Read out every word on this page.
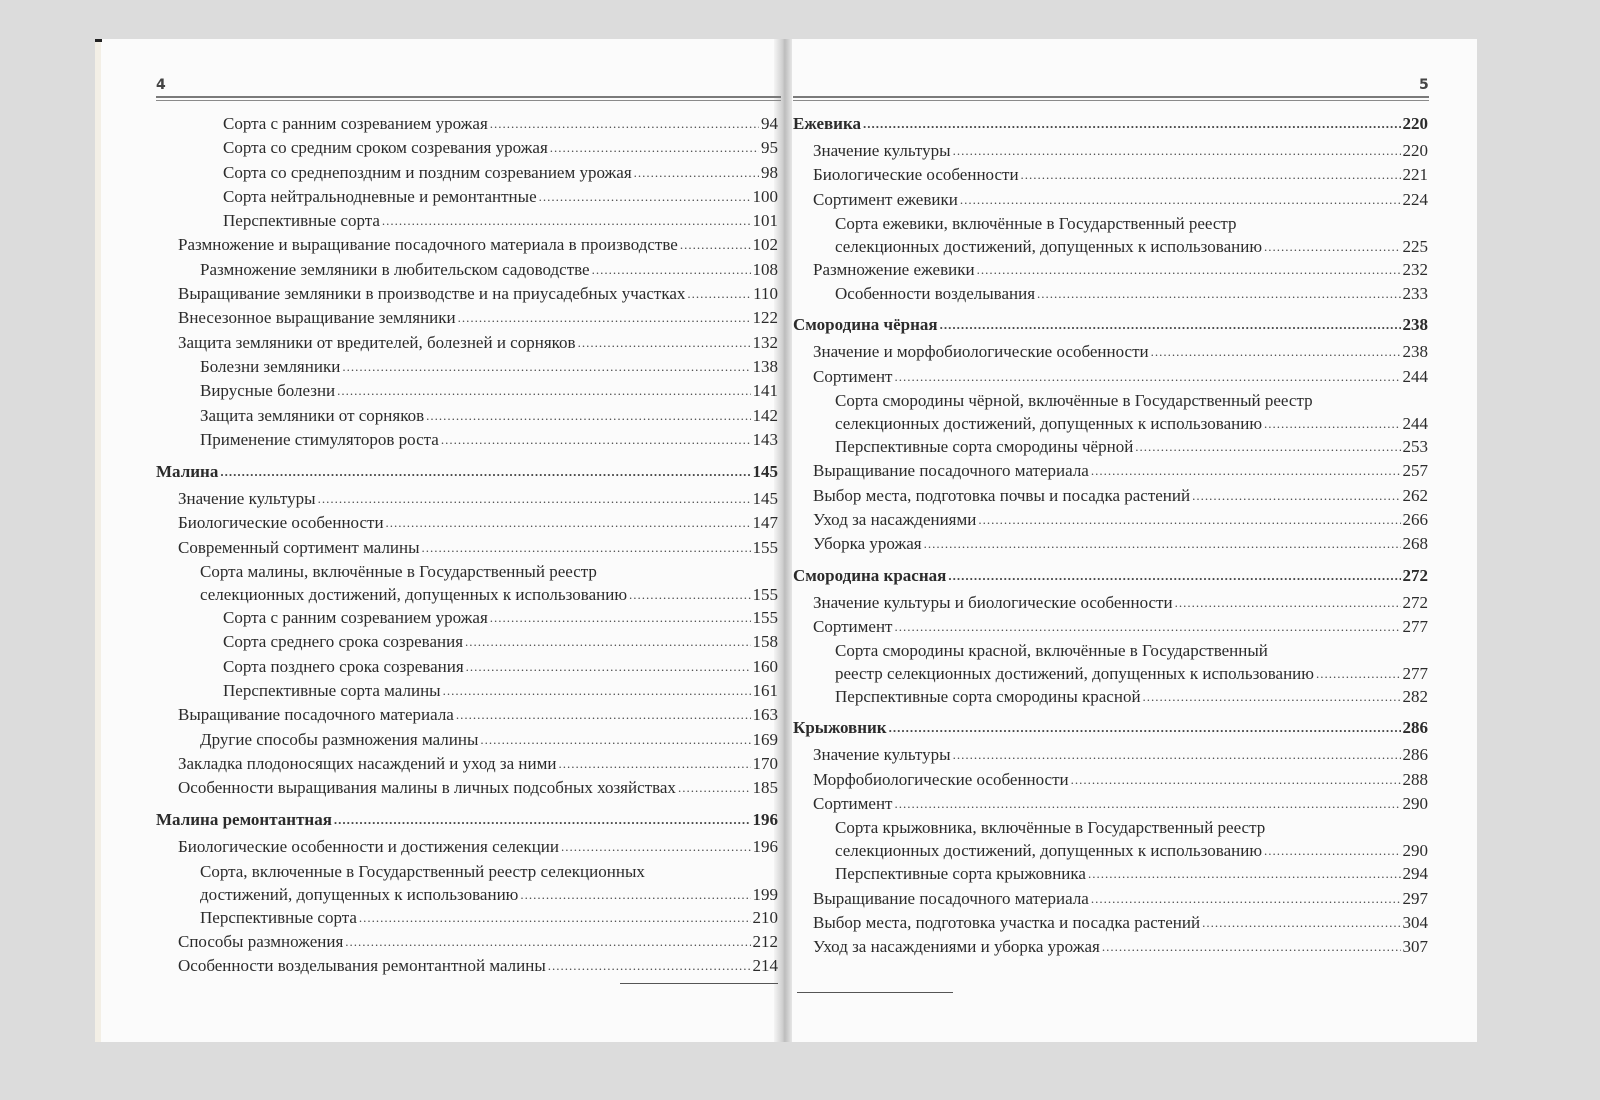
4	5
Сорта с ранним созреванием урожая .....	94
Сорта со средним сроком созревания урожая .....	95
Сорта со среднепоздним и поздним созреванием урожая .....	98
Сорта нейтральнодневные и ремонтантные .....	100
Перспективные сорта .....	101
Размножение и выращивание посадочного материала в производстве .....	102
Размножение земляники в любительском садоводстве .....	108
Выращивание земляники в производстве и на приусадебных участках .....	110
Внесезонное выращивание земляники .....	122
Защита земляники от вредителей, болезней и сорняков .....	132
Болезни земляники .....	138
Вирусные болезни .....	141
Защита земляники от сорняков .....	142
Применение стимуляторов роста .....	143
Малина .....	145
Значение культуры .....	145
Биологические особенности .....	147
Современный сортимент малины .....	155
Сорта малины, включённые в Государственный реестр
селекционных достижений, допущенных к использованию .....	155
Сорта с ранним созреванием урожая .....	155
Сорта среднего срока созревания .....	158
Сорта позднего срока созревания .....	160
Перспективные сорта малины .....	161
Выращивание посадочного материала .....	163
Другие способы размножения малины .....	169
Закладка плодоносящих насаждений и уход за ними .....	170
Особенности выращивания малины в личных подсобных хозяйствах .....	185
Малина ремонтантная .....	196
Биологические особенности и достижения селекции .....	196
Сорта, включенные в Государственный реестр селекционных
достижений, допущенных к использованию .....	199
Перспективные сорта .....	210
Способы размножения .....	212
Особенности возделывания ремонтантной малины .....	214
Ежевика .....	220
Значение культуры .....	220
Биологические особенности .....	221
Сортимент ежевики .....	224
Сорта ежевики, включённые в Государственный реестр
селекционных достижений, допущенных к использованию .....	225
Размножение ежевики .....	232
Особенности возделывания .....	233
Смородина чёрная .....	238
Значение и морфобиологические особенности .....	238
Сортимент .....	244
Сорта смородины чёрной, включённые в Государственный реестр
селекционных достижений, допущенных к использованию .....	244
Перспективные сорта смородины чёрной .....	253
Выращивание посадочного материала .....	257
Выбор места, подготовка почвы и посадка растений .....	262
Уход за насаждениями .....	266
Уборка урожая .....	268
Смородина красная .....	272
Значение культуры и биологические особенности .....	272
Сортимент .....	277
Сорта смородины красной, включённые в Государственный
реестр селекционных достижений, допущенных к использованию .....	277
Перспективные сорта смородины красной .....	282
Крыжовник .....	286
Значение культуры .....	286
Морфобиологические особенности .....	288
Сортимент .....	290
Сорта крыжовника, включённые в Государственный реестр
селекционных достижений, допущенных к использованию .....	290
Перспективные сорта крыжовника .....	294
Выращивание посадочного материала .....	297
Выбор места, подготовка участка и посадка растений .....	304
Уход за насаждениями и уборка урожая .....	307
